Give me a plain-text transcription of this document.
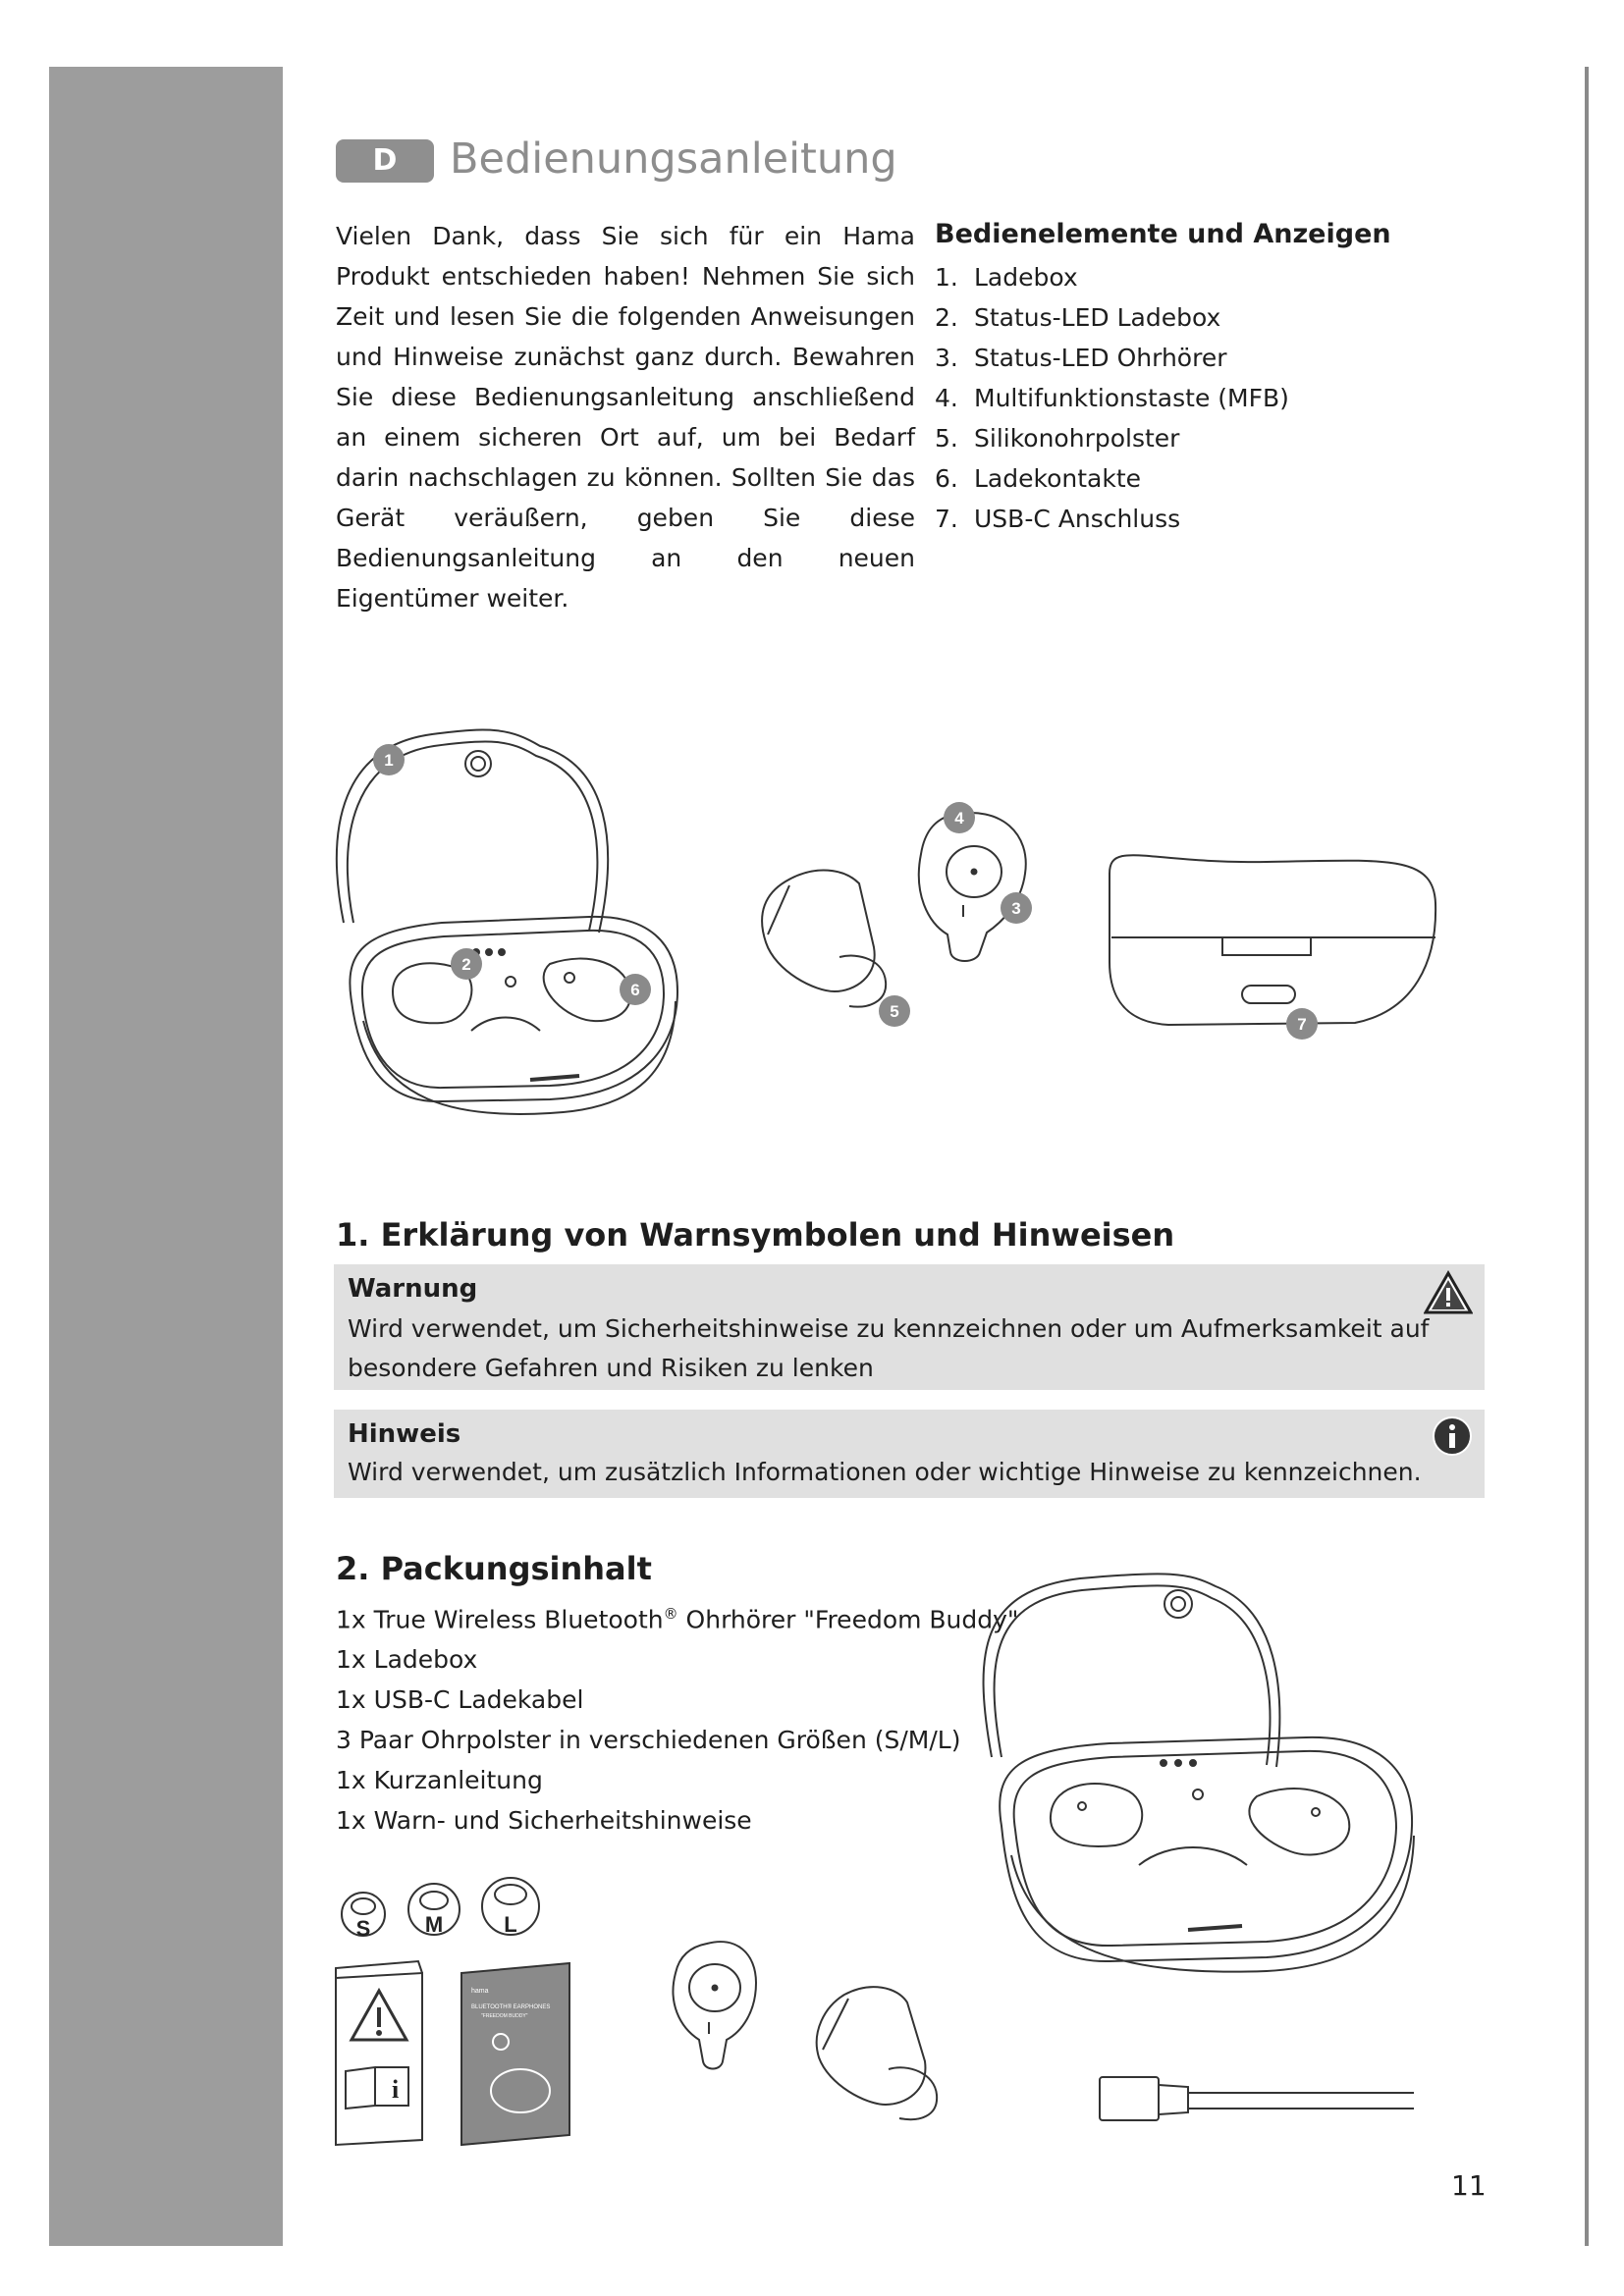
D	Bedienungsanleitung

Vielen Dank, dass Sie sich für ein Hama Produkt entschieden haben! Nehmen Sie sich Zeit und lesen Sie die folgenden Anweisungen und Hinweise zunächst ganz durch. Bewahren Sie diese Bedienungsanleitung anschließend an einem sicheren Ort auf, um bei Bedarf darin nachschlagen zu können. Sollten Sie das Gerät veräußern, geben Sie diese Bedienungsanleitung an den neuen Eigentümer weiter.

Bedienelemente und Anzeigen
1. Ladebox
2. Status-LED Ladebox
3. Status-LED Ohrhörer
4. Multifunktionstaste (MFB)
5. Silikonohrpolster
6. Ladekontakte
7. USB-C Anschluss
1
2
3
4
5
6
7
1. Erklärung von Warnsymbolen und Hinweisen

Warnung

Wird verwendet, um Sicherheitshinweise zu kennzeichnen oder um Aufmerksamkeit auf besondere Gefahren und Risiken zu lenken

Hinweis

Wird verwendet, um zusätzlich Informationen oder wichtige Hinweise zu kennzeichnen.

2. Packungsinhalt
1x True Wireless Bluetooth® Ohrhörer "Freedom Buddy"
1x Ladebox
1x USB-C Ladekabel
3 Paar Ohrpolster in verschiedenen Größen (S/M/L)
1x Kurzanleitung
1x Warn- und Sicherheitshinweise
S	M	L
i
hama
BLUETOOTH® EARPHONES
"FREEDOM BUDDY"

11
